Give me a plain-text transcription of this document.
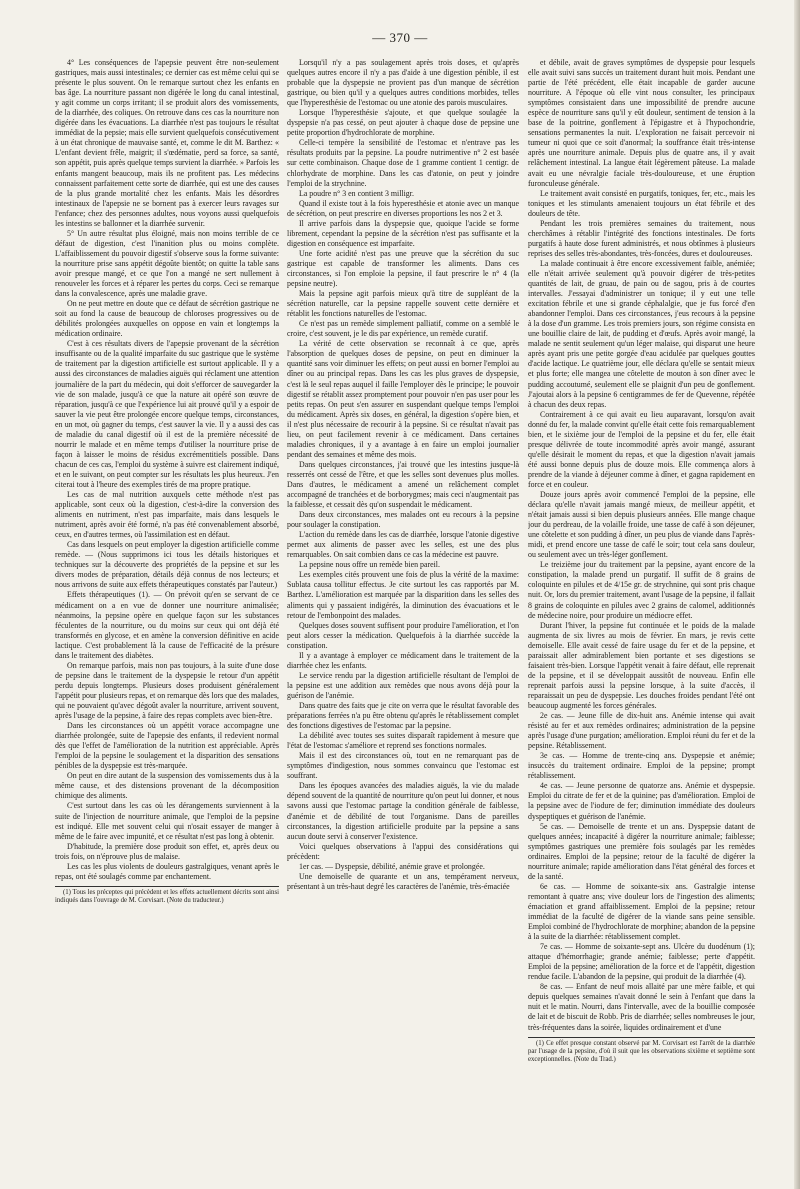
— 370 —

4° Les conséquences de l'apepsie peuvent être non-seulement gastriques, mais aussi intestinales; ce dernier cas est même celui qui se présente le plus souvent. On le remarque surtout chez les enfants en bas âge. La nourriture passant non digérée le long du canal intestinal, y agit comme un corps irritant; il se produit alors des vomissements, de la diarrhée, des coliques. On retrouve dans ces cas la nourriture non digérée dans les évacuations. La diarrhée n'est pas toujours le résultat immédiat de la pepsie; mais elle survient quelquefois consécutivement à un état chronique de mauvaise santé, et, comme le dit M. Barthez: « L'enfant devient frêle, maigrit; il s'œdématie, perd sa force, sa santé, son appétit, puis après quelque temps survient la diarrhée. » Parfois les enfants mangent beaucoup, mais ils ne profitent pas. Les médecins connaissent parfaitement cette sorte de diarrhée, qui est une des causes de la plus grande mortalité chez les enfants. Mais les désordres intestinaux de l'apepsie ne se bornent pas à exercer leurs ravages sur l'enfance; chez des personnes adultes, nous voyons aussi quelquefois les intestins se ballonner et la diarrhée survenir.

5° Un autre résultat plus éloigné, mais non moins terrible de ce défaut de digestion, c'est l'inanition plus ou moins complète. L'affaiblissement du pouvoir digestif s'observe sous la forme suivante: la nourriture prise sans appétit dégoûte bientôt; on quitte la table sans avoir presque mangé, et ce que l'on a mangé ne sert nullement à renouveler les forces et à réparer les pertes du corps. Ceci se remarque dans la convalescence, après une maladie grave.

On ne peut mettre en doute que ce défaut de sécrétion gastrique ne soit au fond la cause de beaucoup de chloroses progressives ou de débilités prolongées auxquelles on oppose en vain et longtemps la médication ordinaire.

C'est à ces résultats divers de l'apepsie provenant de la sécrétion insuffisante ou de la qualité imparfaite du suc gastrique que le système de traitement par la digestion artificielle est surtout applicable. Il y a aussi des circonstances de maladies aiguës qui réclament une attention journalière de la part du médecin, qui doit s'efforcer de sauvegarder la vie de son malade, jusqu'à ce que la nature ait opéré son œuvre de réparation, jusqu'à ce que l'expérience lui ait prouvé qu'il y a espoir de sauver la vie peut être prolongée encore quelque temps, circonstances, en un mot, où gagner du temps, c'est sauver la vie. Il y a aussi des cas de maladie du canal digestif où il est de la première nécessité de nourrir le malade et en même temps d'utiliser la nourriture prise de façon à laisser le moins de résidus excrémentitiels possible. Dans chacun de ces cas, l'emploi du système à suivre est clairement indiqué, et en le suivant, on peut compter sur les résultats les plus heureux. J'en citerai tout à l'heure des exemples tirés de ma propre pratique.

Les cas de mal nutrition auxquels cette méthode n'est pas applicable, sont ceux où la digestion, c'est-à-dire la conversion des aliments en nutriment, n'est pas imparfaite, mais dans lesquels le nutriment, après avoir été formé, n'a pas été convenablement absorbé, ceux, en d'autres termes, où l'assimilation est en défaut.

Cas dans lesquels on peut employer la digestion artificielle comme remède. — (Nous supprimons ici tous les détails historiques et techniques sur la découverte des propriétés de la pepsine et sur les divers modes de préparation, détails déjà connus de nos lecteurs; et nous arrivons de suite aux effets thérapeutiques constatés par l'auteur.)

Effets thérapeutiques (1). — On prévoit qu'en se servant de ce médicament on a en vue de donner une nourriture animalisée; néanmoins, la pepsine opère en quelque façon sur les substances féculentes de la nourriture, ou du moins sur ceux qui ont déjà été transformés en glycose, et en amène la conversion définitive en acide lactique. C'est probablement là la cause de l'efficacité de la présure dans le traitement des diabètes.

On remarque parfois, mais non pas toujours, à la suite d'une dose de pepsine dans le traitement de la dyspepsie le retour d'un appétit perdu depuis longtemps. Plusieurs doses produisent généralement l'appétit pour plusieurs repas, et on remarque dès lors que des malades, qui ne pouvaient qu'avec dégoût avaler la nourriture, arrivent souvent, après l'usage de la pepsine, à faire des repas complets avec bien-être.

Dans les circonstances où un appétit vorace accompagne une diarrhée prolongée, suite de l'apepsie des enfants, il redevient normal dès que l'effet de l'amélioration de la nutrition est appréciable. Après l'emploi de la pepsine le soulagement et la disparition des sensations pénibles de la dyspepsie est très-marquée.

On peut en dire autant de la suspension des vomissements dus à la même cause, et des distensions provenant de la décomposition chimique des aliments.

C'est surtout dans les cas où les dérangements surviennent à la suite de l'injection de nourriture animale, que l'emploi de la pepsine est indiqué. Elle met souvent celui qui n'osait essayer de manger à même de le faire avec impunité, et ce résultat n'est pas long à obtenir.

D'habitude, la première dose produit son effet, et, après deux ou trois fois, on n'éprouve plus de malaise.

Les cas les plus violents de douleurs gastralgiques, venant après le repas, ont été soulagés comme par enchantement.

(1) Tous les préceptes qui précèdent et les effets actuellement décrits sont ainsi indiqués dans l'ouvrage de M. Corvisart. (Note du traducteur.)

Lorsqu'il n'y a pas soulagement après trois doses, et qu'après quelques autres encore il n'y a pas d'aide à une digestion pénible, il est probable que la dyspepsie ne provient pas d'un manque de sécrétion gastrique, ou bien qu'il y a quelques autres conditions morbides, telles que l'hyperesthésie de l'estomac ou une atonie des parois musculaires.

Lorsque l'hyperesthésie s'ajoute, et que quelque soulagée la dyspepsie n'a pas cessé, on peut ajouter à chaque dose de pepsine une petite proportion d'hydrochlorate de morphine.

Celle-ci tempère la sensibilité de l'estomac et n'entrave pas les résultats produits par la pepsine. La poudre nutrimentive n° 2 est basée sur cette combinaison. Chaque dose de 1 gramme contient 1 centigr. de chlorhydrate de morphine. Dans les cas d'atonie, on peut y joindre l'emploi de la strychnine.

La poudre n° 3 en contient 3 milligr.

Quand il existe tout à la fois hyperesthésie et atonie avec un manque de sécrétion, on peut prescrire en diverses proportions les nos 2 et 3.

Il arrive parfois dans la dyspepsie que, quoique l'acide se forme librement, cependant la pepsine de la sécrétion n'est pas suffisante et la digestion en conséquence est imparfaite.

Une forte acidité n'est pas une preuve que la sécrétion du suc gastrique est capable de transformer les aliments. Dans ces circonstances, si l'on emploie la pepsine, il faut prescrire le n° 4 (la pepsine neutre).

Mais la pepsine agit parfois mieux qu'à titre de suppléant de la sécrétion naturelle, car la pepsine rappelle souvent cette dernière et rétablit les fonctions naturelles de l'estomac.

Ce n'est pas un remède simplement palliatif, comme on a semblé le croire, c'est souvent, je le dis par expérience, un remède curatif.

La vérité de cette observation se reconnaît à ce que, après l'absorption de quelques doses de pepsine, on peut en diminuer la quantité sans voir diminuer les effets; on peut aussi en borner l'emploi au dîner ou au principal repas. Dans les cas les plus graves de dyspepsie, c'est là le seul repas auquel il faille l'employer dès le principe; le pouvoir digestif se rétablit assez promptement pour pouvoir n'en pas user pour les petits repas. On peut s'en assurer en suspendant quelque temps l'emploi du médicament. Après six doses, en général, la digestion s'opère bien, et il n'est plus nécessaire de recourir à la pepsine. Si ce résultat n'avait pas lieu, on peut facilement revenir à ce médicament. Dans certaines maladies chroniques, il y a avantage à en faire un emploi journalier pendant des semaines et même des mois.

Dans quelques circonstances, j'ai trouvé que les intestins jusque-là resserrés ont cessé de l'être, et que les selles sont devenues plus molles. Dans d'autres, le médicament a amené un relâchement complet accompagné de tranchées et de borborygmes; mais ceci n'augmentait pas la faiblesse, et cessait dès qu'on suspendait le médicament.

Dans deux circonstances, mes malades ont eu recours à la pepsine pour soulager la constipation.

L'action du remède dans les cas de diarrhée, lorsque l'atonie digestive permet aux aliments de passer avec les selles, est une des plus remarquables. On sait combien dans ce cas la médecine est pauvre.

La pepsine nous offre un remède bien pareil.

Les exemples cités prouvent une fois de plus la vérité de la maxime: Sublata causa tollitur effectus. Je cite surtout les cas rapportés par M. Barthez. L'amélioration est marquée par la disparition dans les selles des aliments qui y passaient indigérés, la diminution des évacuations et le retour de l'embonpoint des malades.

Quelques doses souvent suffisent pour produire l'amélioration, et l'on peut alors cesser la médication. Quelquefois à la diarrhée succède la constipation.

Il y a avantage à employer ce médicament dans le traitement de la diarrhée chez les enfants.

Le service rendu par la digestion artificielle résultant de l'emploi de la pepsine est une addition aux remèdes que nous avons déjà pour la guérison de l'anémie.

Dans quatre des faits que je cite on verra que le résultat favorable des préparations ferrées n'a pu être obtenu qu'après le rétablissement complet des fonctions digestives de l'estomac par la pepsine.

La débilité avec toutes ses suites disparaît rapidement à mesure que l'état de l'estomac s'améliore et reprend ses fonctions normales.

Mais il est des circonstances où, tout en ne remarquant pas de symptômes d'indigestion, nous sommes convaincu que l'estomac est souffrant.

Dans les époques avancées des maladies aiguës, la vie du malade dépend souvent de la quantité de nourriture qu'on peut lui donner, et nous savons aussi que l'estomac partage la condition générale de faiblesse, d'anémie et de débilité de tout l'organisme. Dans de pareilles circonstances, la digestion artificielle produite par la pepsine a sans aucun doute servi à conserver l'existence.

Voici quelques observations à l'appui des considérations qui précèdent:

1er cas. — Dyspepsie, débilité, anémie grave et prolongée.

Une demoiselle de quarante et un ans, tempérament nerveux, présentant à un très-haut degré les caractères de l'anémie, très-émaciée

et débile, avait de graves symptômes de dyspepsie pour lesquels elle avait suivi sans succès un traitement durant huit mois. Pendant une partie de l'été précédent, elle était incapable de garder aucune nourriture. A l'époque où elle vint nous consulter, les principaux symptômes consistaient dans une impossibilité de prendre aucune espèce de nourriture sans qu'il y eût douleur, sentiment de tension à la base de la poitrine, gonflement à l'épigastre et à l'hypochondrie, sensations permanentes la nuit. L'exploration ne faisait percevoir ni tumeur ni quoi que ce soit d'anormal; la souffrance était très-intense après une nourriture animale. Depuis plus de quatre ans, il y avait relâchement intestinal. La langue était légèrement pâteuse. La malade avait eu une névralgie faciale très-douloureuse, et une éruption furonculeuse générale.

Le traitement avait consisté en purgatifs, toniques, fer, etc., mais les toniques et les stimulants amenaient toujours un état fébrile et des douleurs de tête.

Pendant les trois premières semaines du traitement, nous cherchâmes à rétablir l'intégrité des fonctions intestinales. De forts purgatifs à haute dose furent administrés, et nous obtînmes à plusieurs reprises des selles très-abondantes, très-foncées, dures et douloureuses.

La malade continuait à être encore excessivement faible, anémiée; elle n'était arrivée seulement qu'à pouvoir digérer de très-petites quantités de lait, de gruau, de pain ou de sagou, pris à de courtes intervalles. J'essayai d'administrer un tonique; il y eut une telle excitation fébrile et une si grande céphalalgie, que je fus forcé d'en abandonner l'emploi. Dans ces circonstances, j'eus recours à la pepsine à la dose d'un gramme. Les trois premiers jours, son régime consista en une bouillie claire de lait, de pudding et d'œufs. Après avoir mangé, la malade ne sentit seulement qu'un léger malaise, qui disparut une heure après ayant pris une petite gorgée d'eau acidulée par quelques gouttes d'acide lactique. Le quatrième jour, elle déclara qu'elle se sentait mieux et plus forte; elle mangea une côtelette de mouton à son dîner avec le pudding accoutumé, seulement elle se plaignit d'un peu de gonflement. J'ajoutai alors à la pepsine 6 centigrammes de fer de Quevenne, répétée à chacun des deux repas.

Contrairement à ce qui avait eu lieu auparavant, lorsqu'on avait donné du fer, la malade convint qu'elle était cette fois remarquablement bien, et le sixième jour de l'emploi de la pepsine et du fer, elle était presque délivrée de toute incommodité après avoir mangé, assurant qu'elle désirait le moment du repas, et que la digestion n'avait jamais été aussi bonne depuis plus de douze mois. Elle commença alors à prendre de la viande à déjeuner comme à dîner, et gagna rapidement en force et en couleur.

Douze jours après avoir commencé l'emploi de la pepsine, elle déclara qu'elle n'avait jamais mangé mieux, de meilleur appétit, et n'était jamais aussi si bien depuis plusieurs années. Elle mange chaque jour du perdreau, de la volaille froide, une tasse de café à son déjeuner, une côtelette et son pudding à dîner, un peu plus de viande dans l'après-midi, et prend encore une tasse de café le soir; tout cela sans douleur, ou seulement avec un très-léger gonflement.

Le treizième jour du traitement par la pepsine, ayant encore de la constipation, la malade prend un purgatif. Il suffit de 8 grains de coloquinte en pilules et de 4/15e gr. de strychnine, qui sont pris chaque nuit. Or, lors du premier traitement, avant l'usage de la pepsine, il fallait 8 grains de coloquinte en pilules avec 2 grains de calomel, additionnés de médecine noire, pour produire un médiocre effet.

Durant l'hiver, la pepsine fut continuée et le poids de la malade augmenta de six livres au mois de février. En mars, je revis cette demoiselle. Elle avait cessé de faire usage du fer et de la pepsine, et paraissait aller admirablement bien portante et ses digestions se faisaient très-bien. Lorsque l'appétit venait à faire défaut, elle reprenait de la pepsine, et il se développait aussitôt de nouveau. Enfin elle reprenait parfois aussi la pepsine lorsque, à la suite d'accès, il reparaissait un peu de dyspepsie. Les douches froides pendant l'été ont beaucoup augmenté les forces générales.

2e cas. — Jeune fille de dix-huit ans. Anémie intense qui avait résisté au fer et aux remèdes ordinaires; administration de la pepsine après l'usage d'une purgation; amélioration. Emploi réuni du fer et de la pepsine. Rétablissement.

3e cas. — Homme de trente-cinq ans. Dyspepsie et anémie; insuccès du traitement ordinaire. Emploi de la pepsine; prompt rétablissement.

4e cas. — Jeune personne de quatorze ans. Anémie et dyspepsie. Emploi du citrate de fer et de la quinine; pas d'amélioration. Emploi de la pepsine avec de l'iodure de fer; diminution immédiate des douleurs dyspeptiques et guérison de l'anémie.

5e cas. — Demoiselle de trente et un ans. Dyspepsie datant de quelques années; incapacité à digérer la nourriture animale; faiblesse; symptômes gastriques une première fois soulagés par les remèdes ordinaires. Emploi de la pepsine; retour de la faculté de digérer la nourriture animale; rapide amélioration dans l'état général des forces et de la santé.

6e cas. — Homme de soixante-six ans. Gastralgie intense remontant à quatre ans; vive douleur lors de l'ingestion des aliments; émaciation et grand affaiblissement. Emploi de la pepsine; retour immédiat de la faculté de digérer de la viande sans peine sensible. Emploi combiné de l'hydrochlorate de morphine; abandon de la pepsine à la suite de la diarrhée: rétablissement complet.

7e cas. — Homme de soixante-sept ans. Ulcère du duodénum (1); attaque d'hémorrhagie; grande anémie; faiblesse; perte d'appétit. Emploi de la pepsine; amélioration de la force et de l'appétit, digestion rendue facile. L'abandon de la pepsine, qui produit de la diarrhée (4).

8e cas. — Enfant de neuf mois allaité par une mère faible, et qui depuis quelques semaines n'avait donné le sein à l'enfant que dans la nuit et le matin. Nourri, dans l'intervalle, avec de la bouillie composée de lait et de biscuit de Robb. Pris de diarrhée; selles nombreuses le jour, très-fréquentes dans la soirée, liquides ordinairement et d'une

(1) Ce effet presque constant observé par M. Corvisart est l'arrêt de la diarrhée par l'usage de la pepsine, d'où il suit que les observations sixième et septième sont exceptionnelles. (Note du Trad.)
